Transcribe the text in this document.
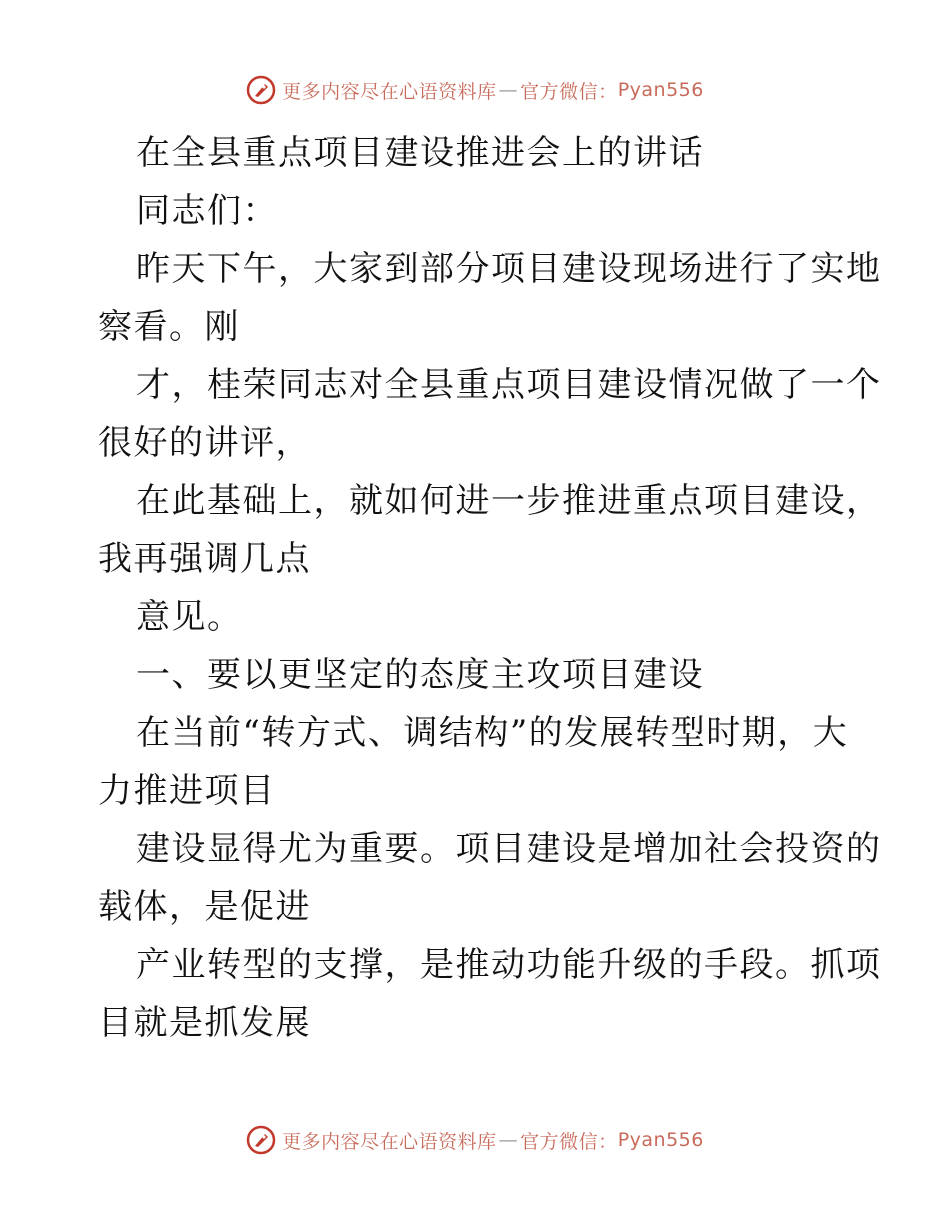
更多内容尽在心语资料库 — 官方微信： Pyan556
在全县重点项目建设推进会上的讲话
同志们：
昨天下午，大家到部分项目建设现场进行了实地
察看。刚
才，桂荣同志对全县重点项目建设情况做了一个
很好的讲评，
在此基础上，就如何进一步推进重点项目建设，
我再强调几点
意见。
一、要以更坚定的态度主攻项目建设
在当前“转方式、调结构”的发展转型时期，大
力推进项目
建设显得尤为重要。项目建设是增加社会投资的
载体，是促进
产业转型的支撑，是推动功能升级的手段。抓项
目就是抓发展
更多内容尽在心语资料库 — 官方微信： Pyan556
